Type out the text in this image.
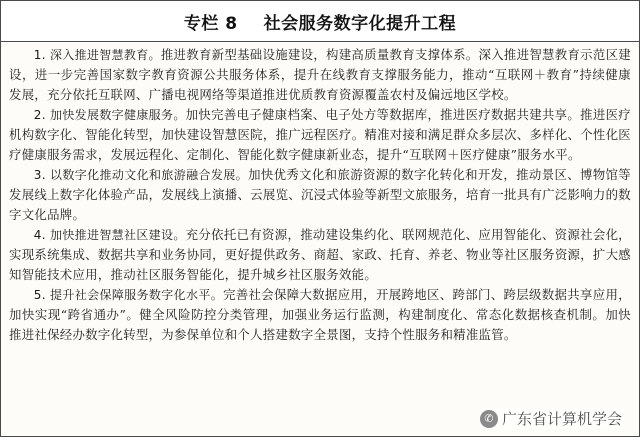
专栏 8 社会服务数字化提升工程

1. 深入推进智慧教育。推进教育新型基础设施建设，构建高质量教育支撑体系。深入推进智慧教育示范区建设，进一步完善国家数字教育资源公共服务体系，提升在线教育支撑服务能力，推动“互联网＋教育”持续健康发展，充分依托互联网、广播电视网络等渠道推进优质教育资源覆盖农村及偏远地区学校。

2. 加快发展数字健康服务。加快完善电子健康档案、电子处方等数据库，推进医疗数据共建共享。推进医疗机构数字化、智能化转型，加快建设智慧医院，推广远程医疗。精准对接和满足群众多层次、多样化、个性化医疗健康服务需求，发展远程化、定制化、智能化数字健康新业态，提升“互联网＋医疗健康”服务水平。

3. 以数字化推动文化和旅游融合发展。加快优秀文化和旅游资源的数字化转化和开发，推动景区、博物馆等发展线上数字化体验产品，发展线上演播、云展览、沉浸式体验等新型文旅服务，培育一批具有广泛影响力的数字文化品牌。

4. 加快推进智慧社区建设。充分依托已有资源，推动建设集约化、联网规范化、应用智能化、资源社会化，实现系统集成、数据共享和业务协同，更好提供政务、商超、家政、托育、养老、物业等社区服务资源，扩大感知智能技术应用，推动社区服务智能化，提升城乡社区服务效能。

5. 提升社会保障服务数字化水平。完善社会保障大数据应用，开展跨地区、跨部门、跨层级数据共享应用，加快实现“跨省通办”。健全风险防控分类管理，加强业务运行监测，构建制度化、常态化数据核查机制。加快推进社保经办数字化转型，为参保单位和个人搭建数字全景图，支持个性服务和精准监管。

✆ 广东省计算机学会
